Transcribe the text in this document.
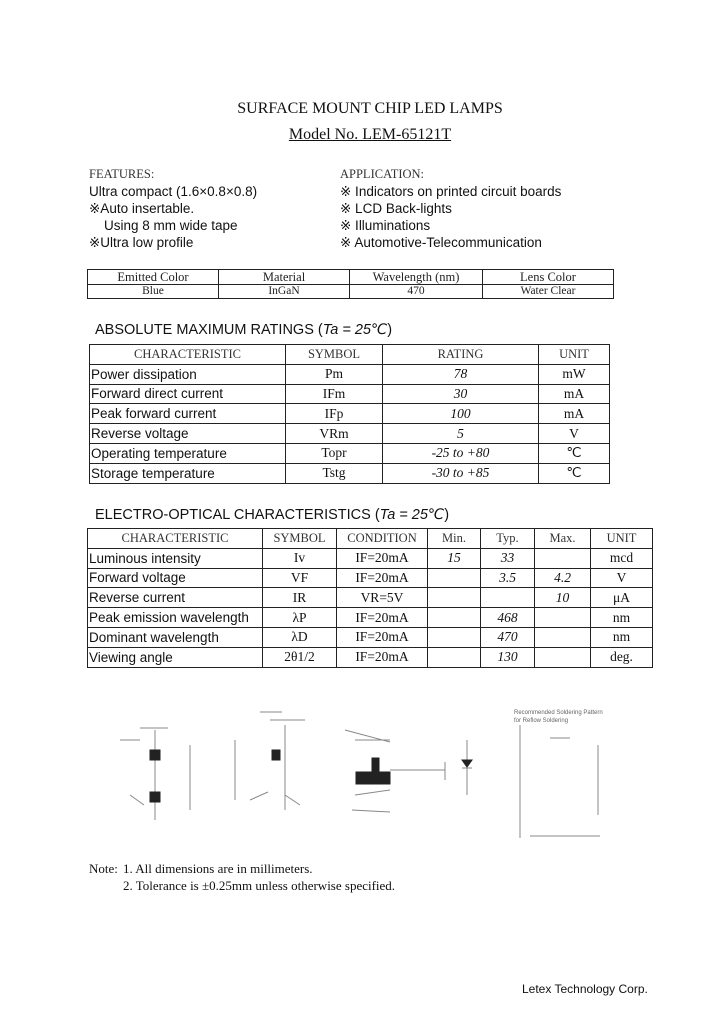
SURFACE MOUNT CHIP LED LAMPS
Model No. LEM-65121T
FEATURES:
Ultra compact (1.6×0.8×0.8)
※Auto insertable.
Using 8 mm wide tape
※Ultra low profile
APPLICATION:
※ Indicators on printed circuit boards
※ LCD Back-lights
※ Illuminations
※ Automotive-Telecommunication
Emitted Color	Material	Wavelength (nm)	Lens Color
Blue	InGaN	470	Water Clear
ABSOLUTE MAXIMUM RATINGS (Ta = 25℃)
CHARACTERISTIC	SYMBOL	RATING	UNIT
Power dissipation	Pm	78	mW
Forward direct current	IFm	30	mA
Peak forward current	IFp	100	mA
Reverse voltage	VRm	5	V
Operating temperature	Topr	-25 to +80	℃
Storage temperature	Tstg	-30 to +85	℃
ELECTRO-OPTICAL CHARACTERISTICS (Ta = 25℃)
CHARACTERISTIC	SYMBOL	CONDITION	Min.	Typ.	Max.	UNIT
Luminous intensity	Iv	IF=20mA	15	33		mcd
Forward voltage	VF	IF=20mA		3.5	4.2	V
Reverse current	IR	VR=5V			10	μA
Peak emission wavelength	λP	IF=20mA		468		nm
Dominant wavelength	λD	IF=20mA		470		nm
Viewing angle	2θ1/2	IF=20mA		130		deg.
Recommended Soldering Pattern
for Reflow Soldering
Note: 1. All dimensions are in millimeters.
2. Tolerance is ±0.25mm unless otherwise specified.
Letex Technology Corp.
